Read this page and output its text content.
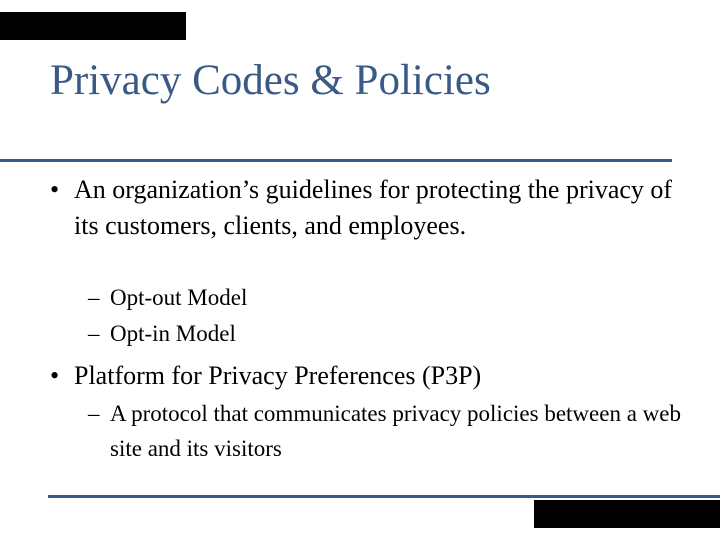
Privacy Codes & Policies
• An organization’s guidelines for protecting the privacy of its customers, clients, and employees.
– Opt-out Model
– Opt-in Model
• Platform for Privacy Preferences (P3P)
– A protocol that communicates privacy policies between a web site and its visitors
